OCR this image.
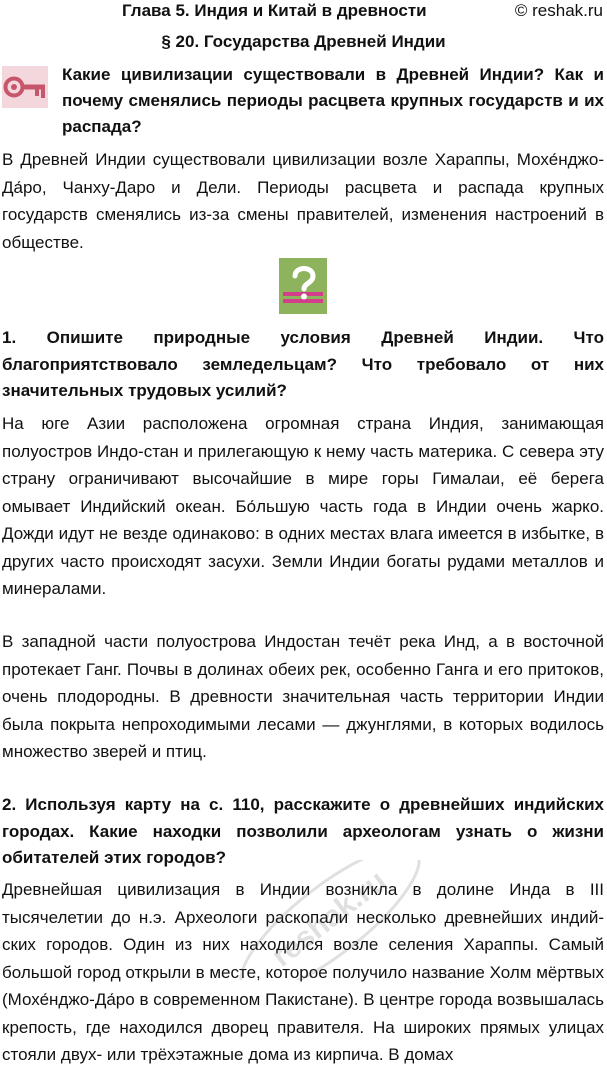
Глава 5. Индия и Китай в древности	© reshak.ru
§ 20. Государства Древней Индии
Какие цивилизации существовали в Древней Индии? Как и почему сменялись периоды расцвета крупных государств и их распада?
В Древней Индии существовали цивилизации возле Хараппы, Мохе́нджо-Да́ро, Чанху-Даро и Дели. Периоды расцвета и распада крупных государств сменялись из-за смены правителей, изменения настроений в обществе.
1. Опишите природные условия Древней Индии. Что благоприятствовало земледельцам? Что требовало от них значительных трудовых усилий?
На юге Азии расположена огромная страна Индия, занимающая полуостров Индо-стан и прилегающую к нему часть материка. С севера эту страну ограничивают высочайшие в мире горы Гималаи, её берега омывает Индийский океан. Бо́льшую часть года в Индии очень жарко. Дожди идут не везде одинаково: в одних местах влага имеется в избытке, в других часто происходят засухи. Земли Индии богаты рудами металлов и минералами.
В западной части полуострова Индостан течёт река Инд, а в восточной протекает Ганг. Почвы в долинах обеих рек, особенно Ганга и его притоков, очень плодородны. В древности значительная часть территории Индии была покрыта непроходимыми лесами — джунглями, в которых водилось множество зверей и птиц.
2. Используя карту на с. 110, расскажите о древнейших индийских городах. Какие находки позволили археологам узнать о жизни обитателей этих городов?
Древнейшая цивилизация в Индии возникла в долине Инда в III тысячелетии до н.э. Археологи раскопали несколько древнейших индий-ских городов. Один из них находился возле селения Хараппы. Самый большой город открыли в месте, которое получило название Холм мёртвых (Мохе́нджо-Да́ро в современном Пакистане). В центре города возвышалась крепость, где находился дворец правителя. На широких прямых улицах стояли двух- или трёхэтажные дома из кирпича. В домах
reshak.ru
